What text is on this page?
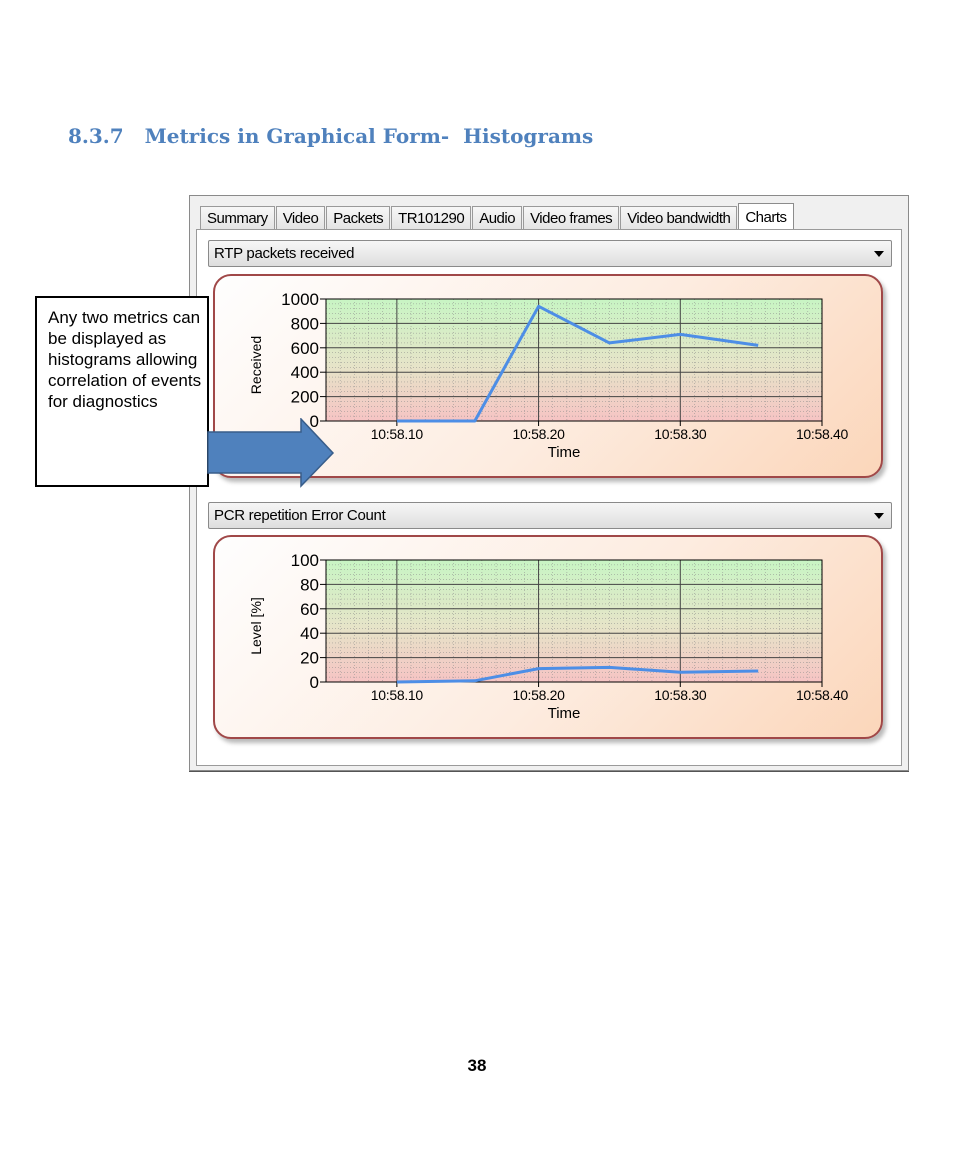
8.3.7 Metrics in Graphical Form-  Histograms
Summary	Video	Packets	TR101290	Audio	Video frames	Video bandwidth	Charts
RTP packets received
10:58.10	10:58.20	10:58.30	10:58.40
0
200
400
600
800
1000
Time
Received
PCR repetition Error Count
10:58.10	10:58.20	10:58.30	10:58.40
0
20
40
60
80
100
Time
Level [%]
Any two metrics can be displayed as histograms allowing correlation of events for diagnostics
38
